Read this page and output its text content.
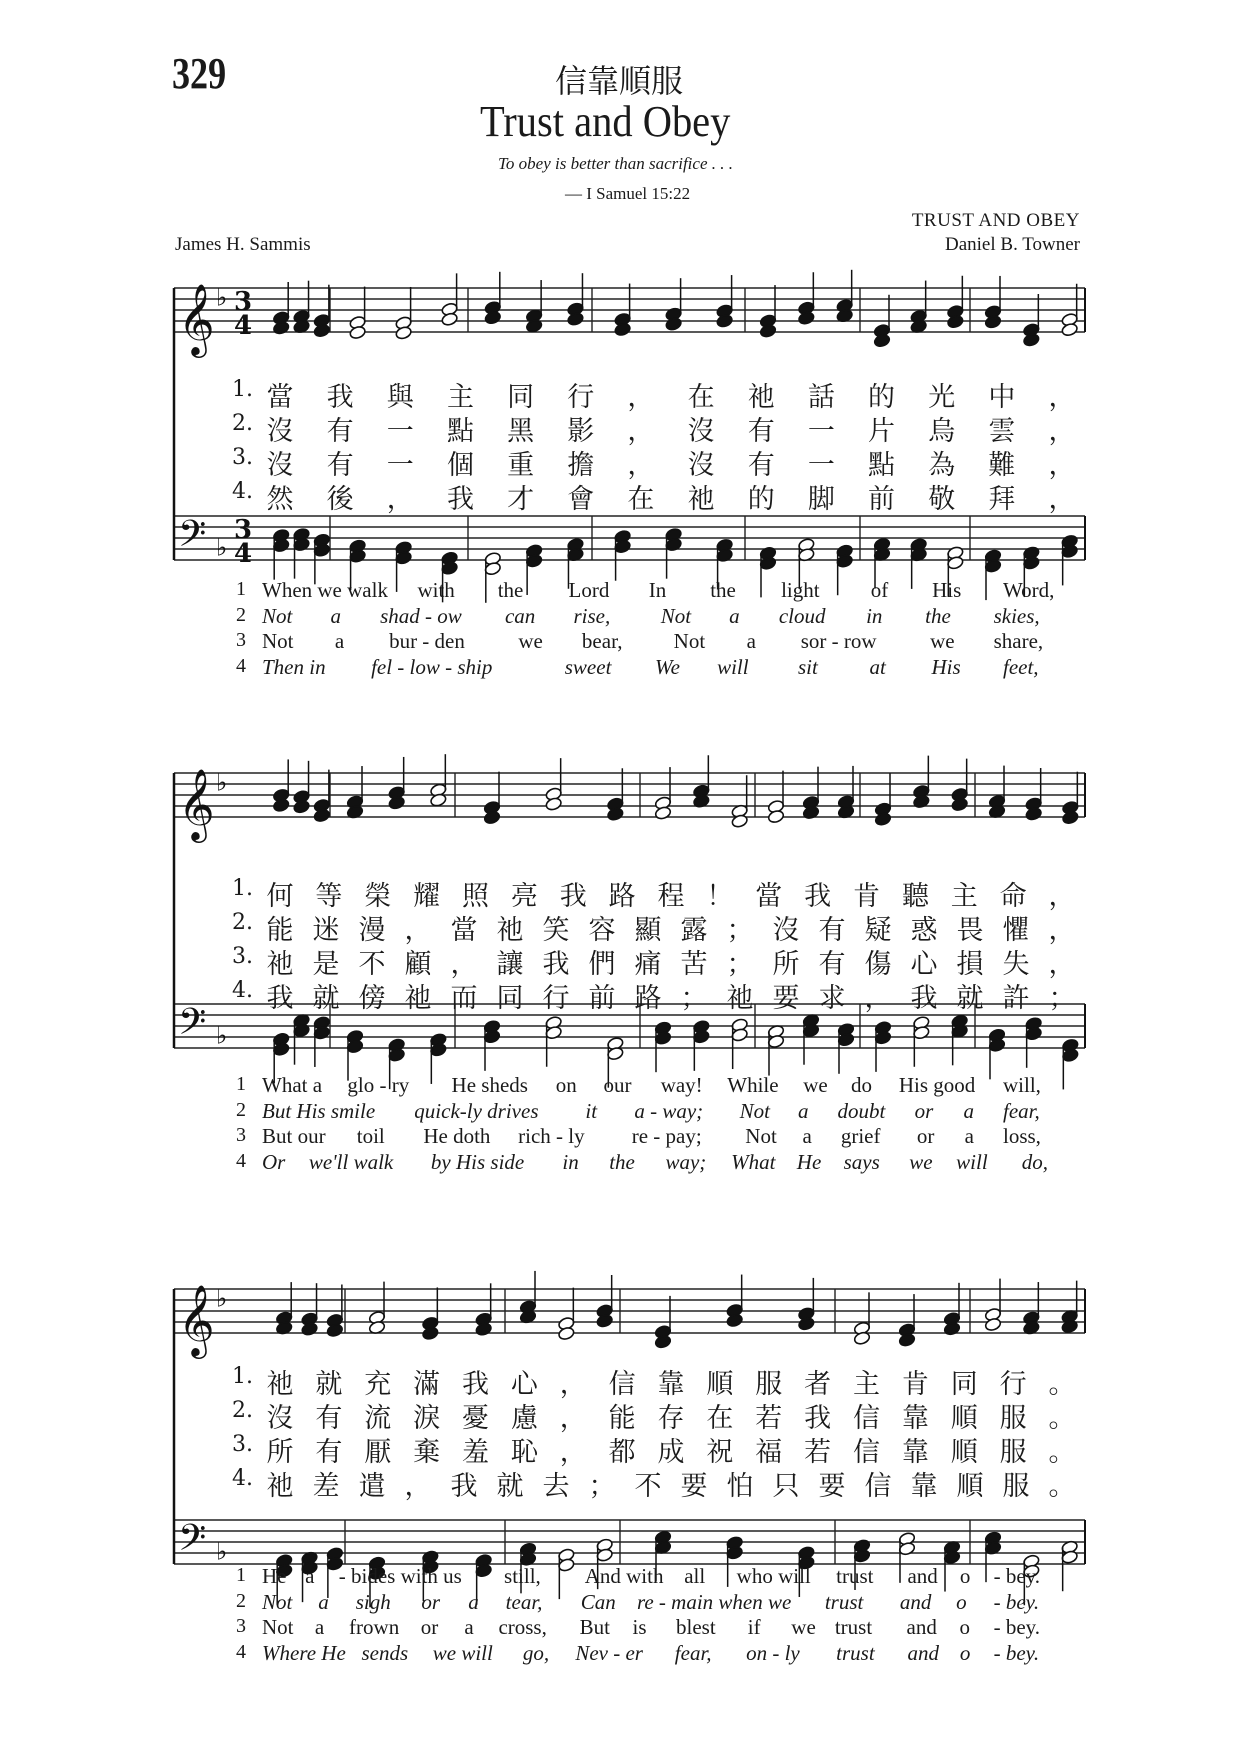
329	信靠順服
Trust and Obey
To obey is better than sacrifice . . .
— I Samuel 15:22
TRUST AND OBEY
James H. Sammis	Daniel B. Towner
𝄞 ♭ 3
4
𝄢 ♭
3
4
𝄞 ♭
𝄢 ♭
𝄞 ♭
𝄢 ♭
1. 當 我 與 主 同 行 ， 在 祂 話 的 光 中 ，
2. 沒 有 一 點 黑 影 ， 沒 有 一 片 烏 雲 ，
3. 沒 有 一 個 重 擔 ， 沒 有 一 點 為 難 ，
4. 然 後 ， 我 才 會 在 祂 的 脚 前 敬 拜 ，
1 When we walk with the Lord In the light of His Word,
2 Not a shad - ow can rise, Not a cloud in the skies,
3 Not a bur - den	we bear, Not a sor - row	we share,
4 Then in fel - low - ship	sweet We will sit at His feet,
1. 何 等 榮 耀 照 亮 我 路 程 ！ 當 我 肯 聽 主 命 ，
2. 能 迷 漫 ， 當 祂 笑 容 顯 露 ； 沒 有 疑 惑 畏 懼 ，
3. 祂 是 不 顧 ， 讓 我 們 痛 苦 ； 所 有 傷 心 損 失 ，
4. 我 就 傍 祂 而 同 行 前 路 ； 祂 要 求 ， 我 就 許 ；
1 What a glo - ry He sheds on our way! While we do His good will,
2 But His smile quick-ly drives it a - way; Not a doubt or a fear,
3 But our toil He doth rich - ly re - pay; Not a grief or a loss,
4 Or we'll walk by His side in the way; What He says we will do,
1. 祂 就 充 滿 我 心 ， 信 靠 順 服 者 主 肯 同 行 。
2. 沒 有 流 淚 憂 慮 ， 能 存 在 若 我 信 靠 順 服 。
3. 所 有 厭 棄 羞 恥 ， 都 成 祝 福 若 信 靠 順 服 。
4. 祂 差 遣 ， 我 就 去 ； 不 要 怕 只 要 信 靠 順 服 。
1 He a - bides with us still, And with all who will trust and o - bey.
2 Not a sigh or a tear, Can re - main when we trust and o - bey.
3 Not a frown or a cross, But is blest if we trust and o - bey.
4 Where He sends we will go, Nev - er fear, on - ly trust and o - bey.
